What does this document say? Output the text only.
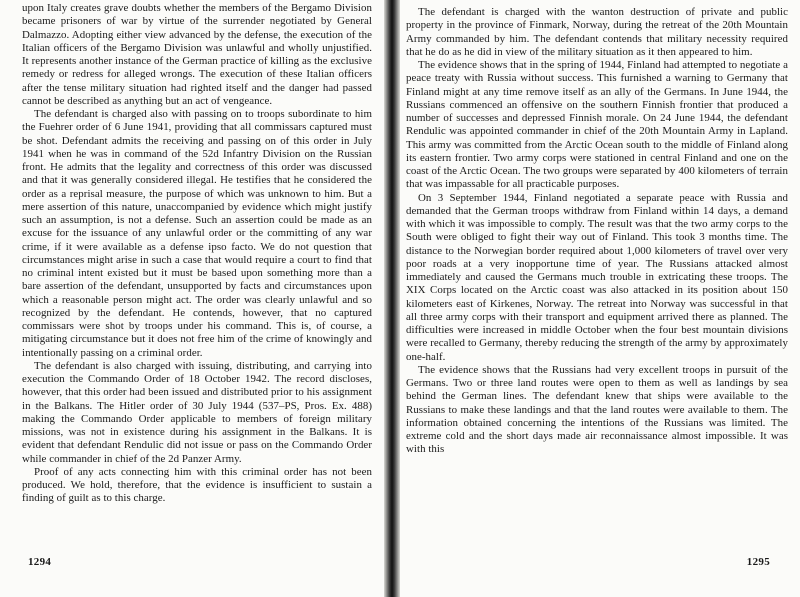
upon Italy creates grave doubts whether the members of the Bergamo Division became prisoners of war by virtue of the surrender negotiated by General Dalmazzo. Adopting either view advanced by the defense, the execution of the Italian officers of the Bergamo Division was unlawful and wholly unjustified. It represents another instance of the German practice of killing as the exclusive remedy or redress for alleged wrongs. The execution of these Italian officers after the tense military situation had righted itself and the danger had passed cannot be described as anything but an act of vengeance.

The defendant is charged also with passing on to troops subordinate to him the Fuehrer order of 6 June 1941, providing that all commissars captured must be shot. Defendant admits the receiving and passing on of this order in July 1941 when he was in command of the 52d Infantry Division on the Russian front. He admits that the legality and correctness of this order was discussed and that it was generally considered illegal. He testifies that he considered the order as a reprisal measure, the purpose of which was unknown to him. But a mere assertion of this nature, unaccompanied by evidence which might justify such an assumption, is not a defense. Such an assertion could be made as an excuse for the issuance of any unlawful order or the committing of any war crime, if it were available as a defense ipso facto. We do not question that circumstances might arise in such a case that would require a court to find that no criminal intent existed but it must be based upon something more than a bare assertion of the defendant, unsupported by facts and circumstances upon which a reasonable person might act. The order was clearly unlawful and so recognized by the defendant. He contends, however, that no captured commissars were shot by troops under his command. This is, of course, a mitigating circumstance but it does not free him of the crime of knowingly and intentionally passing on a criminal order.

The defendant is also charged with issuing, distributing, and carrying into execution the Commando Order of 18 October 1942. The record discloses, however, that this order had been issued and distributed prior to his assignment in the Balkans. The Hitler order of 30 July 1944 (537–PS, Pros. Ex. 488) making the Commando Order applicable to members of foreign military missions, was not in existence during his assignment in the Balkans. It is evident that defendant Rendulic did not issue or pass on the Commando Order while commander in chief of the 2d Panzer Army.

Proof of any acts connecting him with this criminal order has not been produced. We hold, therefore, that the evidence is insufficient to sustain a finding of guilt as to this charge.

1294

The defendant is charged with the wanton destruction of private and public property in the province of Finmark, Norway, during the retreat of the 20th Mountain Army commanded by him. The defendant contends that military necessity required that he do as he did in view of the military situation as it then appeared to him.

The evidence shows that in the spring of 1944, Finland had attempted to negotiate a peace treaty with Russia without success. This furnished a warning to Germany that Finland might at any time remove itself as an ally of the Germans. In June 1944, the Russians commenced an offensive on the southern Finnish frontier that produced a number of successes and depressed Finnish morale. On 24 June 1944, the defendant Rendulic was appointed commander in chief of the 20th Mountain Army in Lapland. This army was committed from the Arctic Ocean south to the middle of Finland along its eastern frontier. Two army corps were stationed in central Finland and one on the coast of the Arctic Ocean. The two groups were separated by 400 kilometers of terrain that was impassable for all practicable purposes.

On 3 September 1944, Finland negotiated a separate peace with Russia and demanded that the German troops withdraw from Finland within 14 days, a demand with which it was impossible to comply. The result was that the two army corps to the South were obliged to fight their way out of Finland. This took 3 months time. The distance to the Norwegian border required about 1,000 kilometers of travel over very poor roads at a very inopportune time of year. The Russians attacked almost immediately and caused the Germans much trouble in extricating these troops. The XIX Corps located on the Arctic coast was also attacked in its position about 150 kilometers east of Kirkenes, Norway. The retreat into Norway was successful in that all three army corps with their transport and equipment arrived there as planned. The difficulties were increased in middle October when the four best mountain divisions were recalled to Germany, thereby reducing the strength of the army by approximately one-half.

The evidence shows that the Russians had very excellent troops in pursuit of the Germans. Two or three land routes were open to them as well as landings by sea behind the German lines. The defendant knew that ships were available to the Russians to make these landings and that the land routes were available to them. The information obtained concerning the intentions of the Russians was limited. The extreme cold and the short days made air reconnaissance almost impossible. It was with this

1295
